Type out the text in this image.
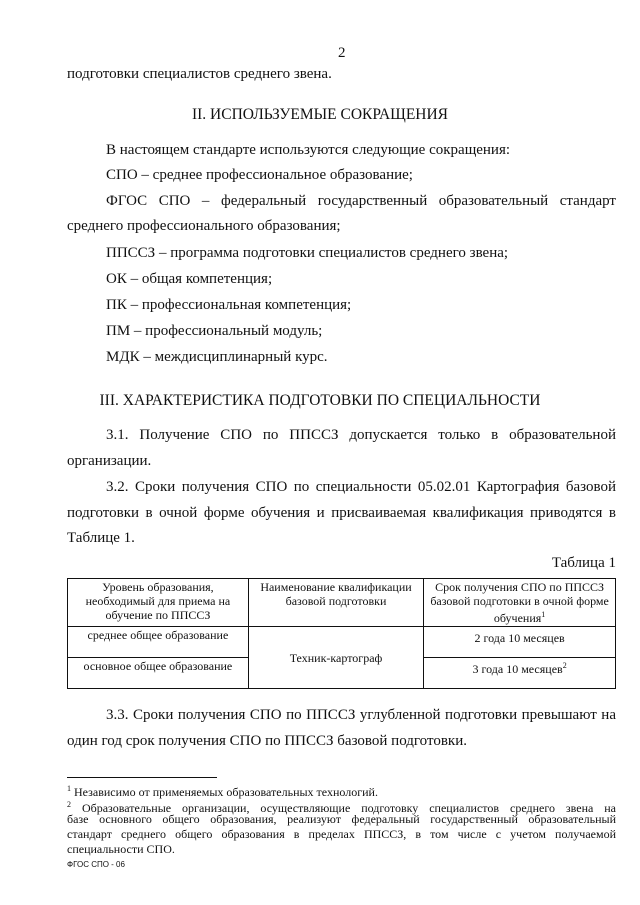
2
подготовки специалистов среднего звена.
II. ИСПОЛЬЗУЕМЫЕ СОКРАЩЕНИЯ
В настоящем стандарте используются следующие сокращения:
СПО – среднее профессиональное образование;
ФГОС СПО – федеральный государственный образовательный стандарт
среднего профессионального образования;
ППССЗ – программа подготовки специалистов среднего звена;
ОК – общая компетенция;
ПК – профессиональная компетенция;
ПМ – профессиональный модуль;
МДК – междисциплинарный курс.
III. ХАРАКТЕРИСТИКА ПОДГОТОВКИ ПО СПЕЦИАЛЬНОСТИ
3.1. Получение СПО по ППССЗ допускается только в образовательной
организации.
3.2. Сроки получения СПО по специальности 05.02.01 Картография базовой
подготовки в очной форме обучения и присваиваемая квалификация приводятся в
Таблице 1.
Таблица 1
Уровень образования, необходимый для приема на обучение по ППССЗ	Наименование квалификации базовой подготовки	Срок получения СПО по ППССЗ базовой подготовки в очной форме обучения$^1$
среднее общее образование	Техник-картограф	2 года 10 месяцев
основное общее образование		3 года 10 месяцев$^2$
3.3. Сроки получения СПО по ППССЗ углубленной подготовки превышают на
один год срок получения СПО по ППССЗ базовой подготовки.
$^1$ Независимо от применяемых образовательных технологий.
$^2$ Образовательные организации, осуществляющие подготовку специалистов среднего звена на
базе основного общего образования, реализуют федеральный государственный образовательный
стандарт среднего общего образования в пределах ППССЗ, в том числе с учетом получаемой
специальности СПО.
ФГОС СПО - 06
